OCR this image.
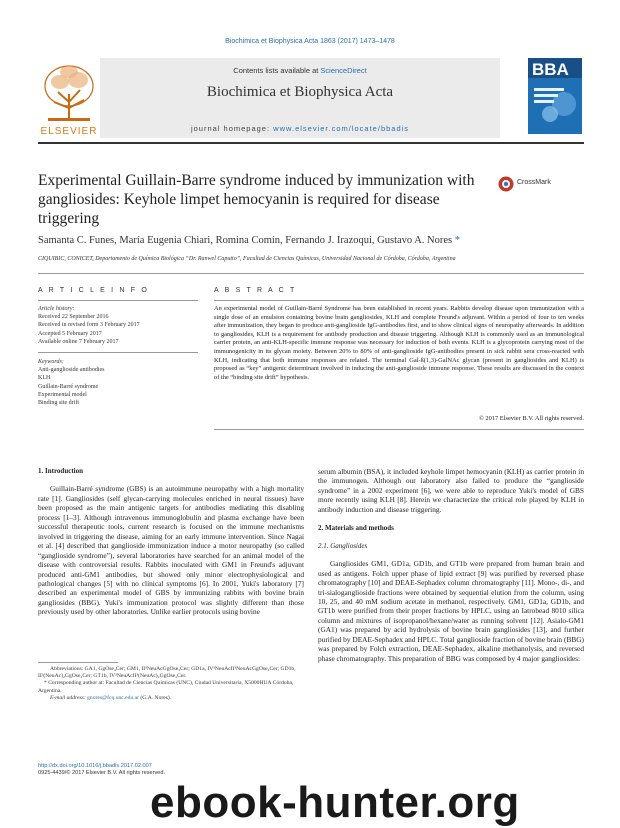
Biochimica et Biophysica Acta 1863 (2017) 1473–1478
ELSEVIER
Contents lists available at ScienceDirect
Biochimica et Biophysica Acta
journal homepage: www.elsevier.com/locate/bbadis
BBA
Experimental Guillain-Barre syndrome induced by immunization with gangliosides: Keyhole limpet hemocyanin is required for disease triggering
CrossMark
Samanta C. Funes, María Eugenia Chiari, Romina Comín, Fernando J. Irazoqui, Gustavo A. Nores *
CIQUIBIC, CONICET, Departamento de Química Biológica “Dr. Ranwel Caputto”, Facultad de Ciencias Químicas, Universidad Nacional de Córdoba, Córdoba, Argentina
A R T I C L E I N F O	A B S T R A C T
Article history:
Received 22 September 2016
Received in revised form 3 February 2017
Accepted 5 February 2017
Available online 7 February 2017
Keywords:
Anti-ganglioside antibodies
KLH
Guillain-Barré syndrome
Experimental model
Binding site drift
An experimental model of Guillain-Barré Syndrome has been established in recent years. Rabbits develop disease upon immunization with a single dose of an emulsion containing bovine brain gangliosides, KLH and complete Freund's adjuvant. Within a period of four to ten weeks after immunization, they began to produce anti-ganglioside IgG-antibodies first, and to show clinical signs of neuropathy afterwards. In addition to gangliosides, KLH is a requirement for antibody production and disease triggering. Although KLH is commonly used as an immunological carrier protein, an anti-KLH-specific immune response was necessary for induction of both events. KLH is a glycoprotein carrying most of the immunogenicity in its glycan moiety. Between 20% to 80% of anti-ganglioside IgG-antibodies present in sick rabbit sera cross-reacted with KLH, indicating that both immune responses are related. The terminal Gal-ß(1,3)-GalNAc glycan (present in gangliosides and KLH) is proposed as “key” antigenic determinant involved in inducing the anti-ganglioside immune response. These results are discussed in the context of the “binding site drift” hypothesis.
© 2017 Elsevier B.V. All rights reserved.
1. Introduction

Guillain-Barré syndrome (GBS) is an autoimmune neuropathy with a high mortality rate [1]. Gangliosides (self glycan-carrying molecules enriched in neural tissues) have been proposed as the main antigenic targets for antibodies mediating this disabling process [1–3]. Although intravenous immunoglobulin and plasma exchange have been successful therapeutic tools, current research is focused on the immune mechanisms involved in triggering the disease, aiming for an early immune intervention. Since Nagai et al. [4] described that ganglioside immunization induce a motor neuropathy (so called “ganglioside syndrome”), several laboratories have searched for an animal model of the disease with controversial results. Rabbits inoculated with GM1 in Freund's adjuvant produced anti-GM1 antibodies, but showed only minor electrophysiological and pathological changes [5] with no clinical symptoms [6]. In 2001, Yuki's laboratory [7] described an experimental model of GBS by immunizing rabbits with bovine brain gangliosides (BBG). Yuki's immunization protocol was slightly different than those previously used by other laboratories. Unlike earlier protocols using bovine

serum albumin (BSA), it included keyhole limpet hemocyanin (KLH) as carrier protein in the immunogen. Although our laboratory also failed to produce the “ganglioside syndrome” in a 2002 experiment [6], we were able to reproduce Yuki's model of GBS more recently using KLH [8]. Herein we characterize the critical role played by KLH in antibody induction and disease triggering.

2. Materials and methods
2.1. Gangliosides

Gangliosides GM1, GD1a, GD1b, and GT1b were prepared from human brain and used as antigens. Folch upper phase of lipid extract [9] was purified by reversed phase chromatography [10] and DEAE-Sephadex column chromatography [11]. Mono-, di-, and tri-sialoganglioside fractions were obtained by sequential elution from the column, using 10, 25, and 40 mM sodium acetate in methanol, respectively. GM1, GD1a, GD1b, and GT1b were purified from their proper fractions by HPLC, using an Iatrobead 8010 silica column and mixtures of isopropanol/hexane/water as running solvent [12]. Asialo-GM1 (GA1) was prepared by acid hydrolysis of bovine brain gangliosides [13], and further purified by DEAE-Sephadex and HPLC. Total ganglioside fraction of bovine brain (BBG) was prepared by Folch extraction, DEAE-Sephadex, alkaline methanolysis, and reversed phase chromatography. This preparation of BBG was composed by 4 major gangliosides:

Abbreviations: GA1, GgOse₄Cer; GM1, II³NeuAcGgOse₄Cer; GD1a, IV³NeuAcII³NeuAcGgOse₄Cer; GD1b, II³(NeuAc)₂GgOse₄Cer; GT1b, IV³NeuAcII³(NeuAc)₂GgOse₄Cer.
* Corresponding author at: Facultad de Ciencias Químicas (UNC), Ciudad Universitaria, X5000HUA Córdoba, Argentina.
E-mail address: gnores@fcq.unc.edu.ar (G.A. Nores).
http://dx.doi.org/10.1016/j.bbadis.2017.02.007
0925-4439/© 2017 Elsevier B.V. All rights reserved.
ebook-hunter.org
